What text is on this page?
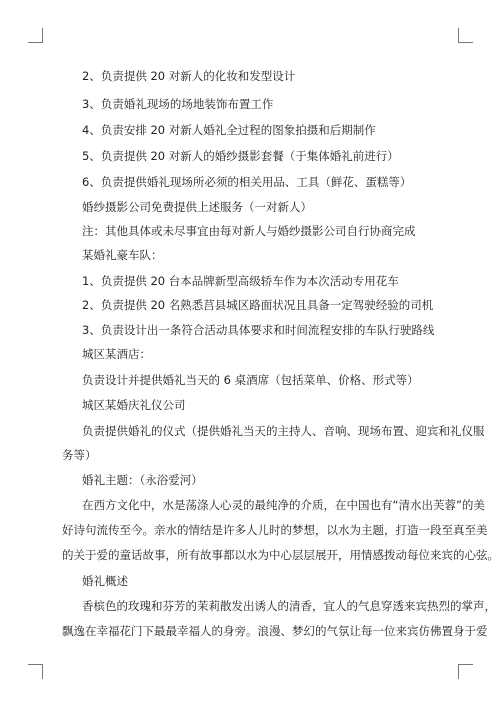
2、负责提供 20 对新人的化妆和发型设计
3、负责婚礼现场的场地装饰布置工作
4、负责安排 20 对新人婚礼全过程的图象拍摄和后期制作
5、负责提供 20 对新人的婚纱摄影套餐（于集体婚礼前进行）
6、负责提供婚礼现场所必须的相关用品、工具（鲜花、蛋糕等）
婚纱摄影公司免费提供上述服务（一对新人）
注：其他具体或未尽事宜由每对新人与婚纱摄影公司自行协商完成
某婚礼豪车队：
1、负责提供 20 台本品牌新型高级轿车作为本次活动专用花车
2、负责提供 20 名熟悉莒县城区路面状况且具备一定驾驶经验的司机
3、负责设计出一条符合活动具体要求和时间流程安排的车队行驶路线
城区某酒店：
负责设计并提供婚礼当天的 6 桌酒席（包括菜单、价格、形式等）
城区某婚庆礼仪公司
负责提供婚礼的仪式（提供婚礼当天的主持人、音响、现场布置、迎宾和礼仪服
务等）
婚礼主题：（永浴爱河）
在西方文化中，水是荡涤人心灵的最纯净的介质，在中国也有“清水出芙蓉”的美
好诗句流传至今。亲水的情结是许多人儿时的梦想，以水为主题，打造一段至真至美
的关于爱的童话故事，所有故事都以水为中心层层展开，用情感拨动每位来宾的心弦。
婚礼概述
香槟色的玫瑰和芬芳的茉莉散发出诱人的清香，宜人的气息穿透来宾热烈的掌声，
飘逸在幸福花门下最最幸福人的身旁。浪漫、梦幻的气氛让每一位来宾仿佛置身于爱
